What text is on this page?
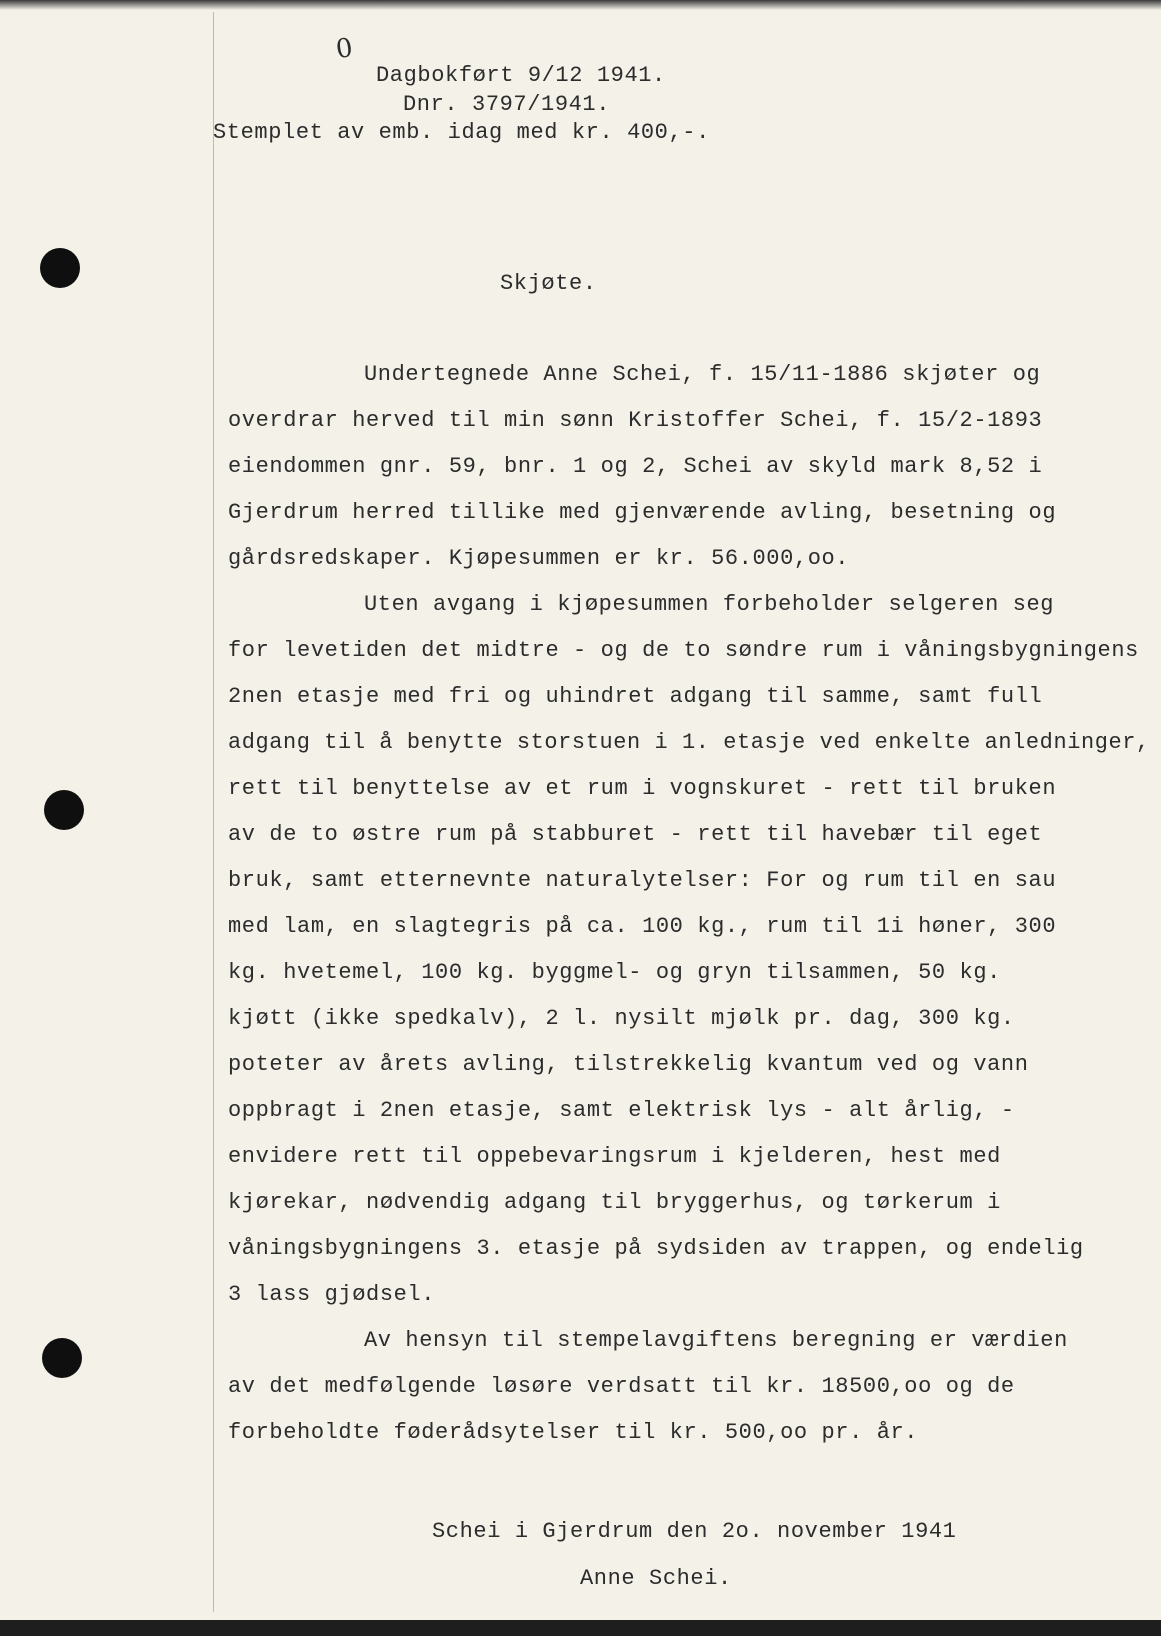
0
Dagbokført 9/12 1941.
Dnr. 3797/1941.
Stemplet av emb. idag med kr. 400,-.
Skjøte.
Undertegnede Anne Schei, f. 15/11-1886 skjøter og
overdrar herved til min sønn Kristoffer Schei, f. 15/2-1893
eiendommen gnr. 59, bnr. 1 og 2, Schei av skyld mark 8,52 i
Gjerdrum herred tillike med gjenværende avling, besetning og
gårdsredskaper. Kjøpesummen er kr. 56.000,oo.
Uten avgang i kjøpesummen forbeholder selgeren seg
for levetiden det midtre - og de to søndre rum i våningsbygningens
2nen etasje med fri og uhindret adgang til samme, samt full
adgang til å benytte storstuen i 1. etasje ved enkelte anledninger,
rett til benyttelse av et rum i vognskuret - rett til bruken
av de to østre rum på stabburet - rett til havebær til eget
bruk, samt etternevnte naturalytelser: For og rum til en sau
med lam, en slagtegris på ca. 100 kg., rum til 1i høner, 300
kg. hvetemel, 100 kg. byggmel- og gryn tilsammen, 50 kg.
kjøtt (ikke spedkalv), 2 l. nysilt mjølk pr. dag, 300 kg.
poteter av årets avling, tilstrekkelig kvantum ved og vann
oppbragt i 2nen etasje, samt elektrisk lys - alt årlig, -
envidere rett til oppebevaringsrum i kjelderen, hest med
kjørekar, nødvendig adgang til bryggerhus, og tørkerum i
våningsbygningens 3. etasje på sydsiden av trappen, og endelig
3 lass gjødsel.
Av hensyn til stempelavgiftens beregning er værdien
av det medfølgende løsøre verdsatt til kr. 18500,oo og de
forbeholdte føderådsytelser til kr. 500,oo pr. år.
Schei i Gjerdrum den 2o. november 1941
Anne Schei.
